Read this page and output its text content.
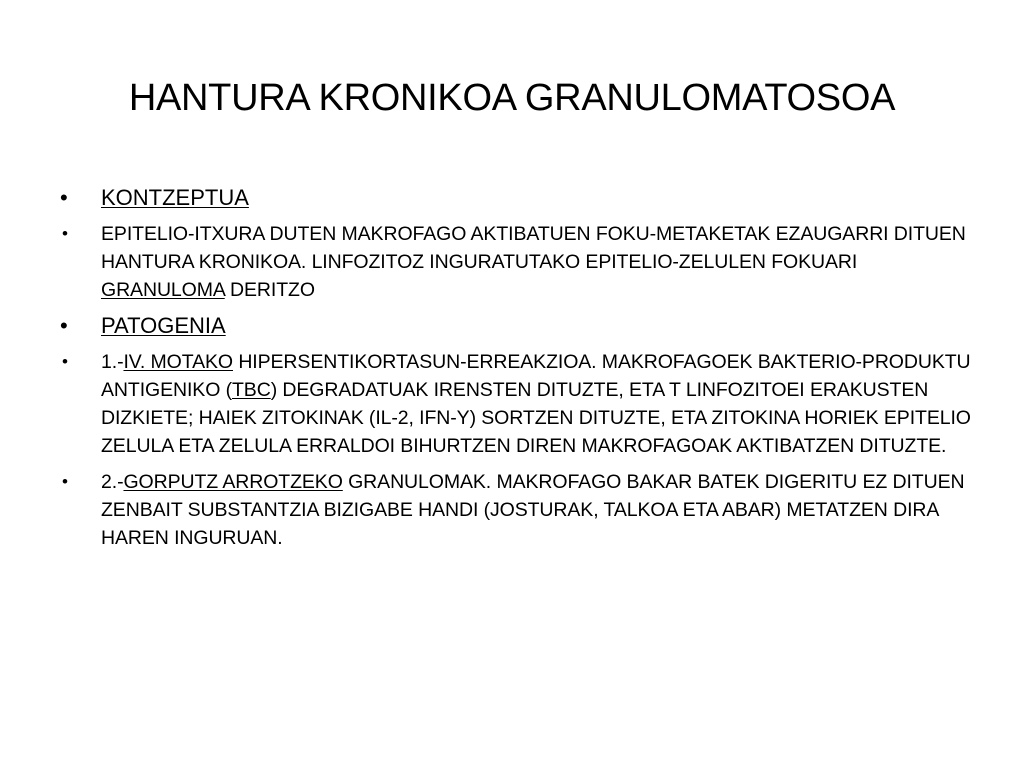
HANTURA KRONIKOA GRANULOMATOSOA
• KONTZEPTUA
• EPITELIO-ITXURA DUTEN MAKROFAGO AKTIBATUEN FOKU-METAKETAK EZAUGARRI DITUEN HANTURA KRONIKOA. LINFOZITOZ INGURATUTAKO EPITELIO-ZELULEN FOKUARI GRANULOMA DERITZO
• PATOGENIA
• 1.-IV. MOTAKO HIPERSENTIKORTASUN-ERREAKZIOA. MAKROFAGOEK BAKTERIO-PRODUKTU ANTIGENIKO (TBC) DEGRADATUAK IRENSTEN DITUZTE, ETA T LINFOZITOEI ERAKUSTEN DIZKIETE; HAIEK ZITOKINAK (IL-2, IFN-Y) SORTZEN DITUZTE, ETA ZITOKINA HORIEK EPITELIO ZELULA ETA ZELULA ERRALDOI BIHURTZEN DIREN MAKROFAGOAK AKTIBATZEN DITUZTE.
• 2.-GORPUTZ ARROTZEKO GRANULOMAK. MAKROFAGO BAKAR BATEK DIGERITU EZ DITUEN ZENBAIT SUBSTANTZIA BIZIGABE HANDI (JOSTURAK, TALKOA ETA ABAR) METATZEN DIRA HAREN INGURUAN.
